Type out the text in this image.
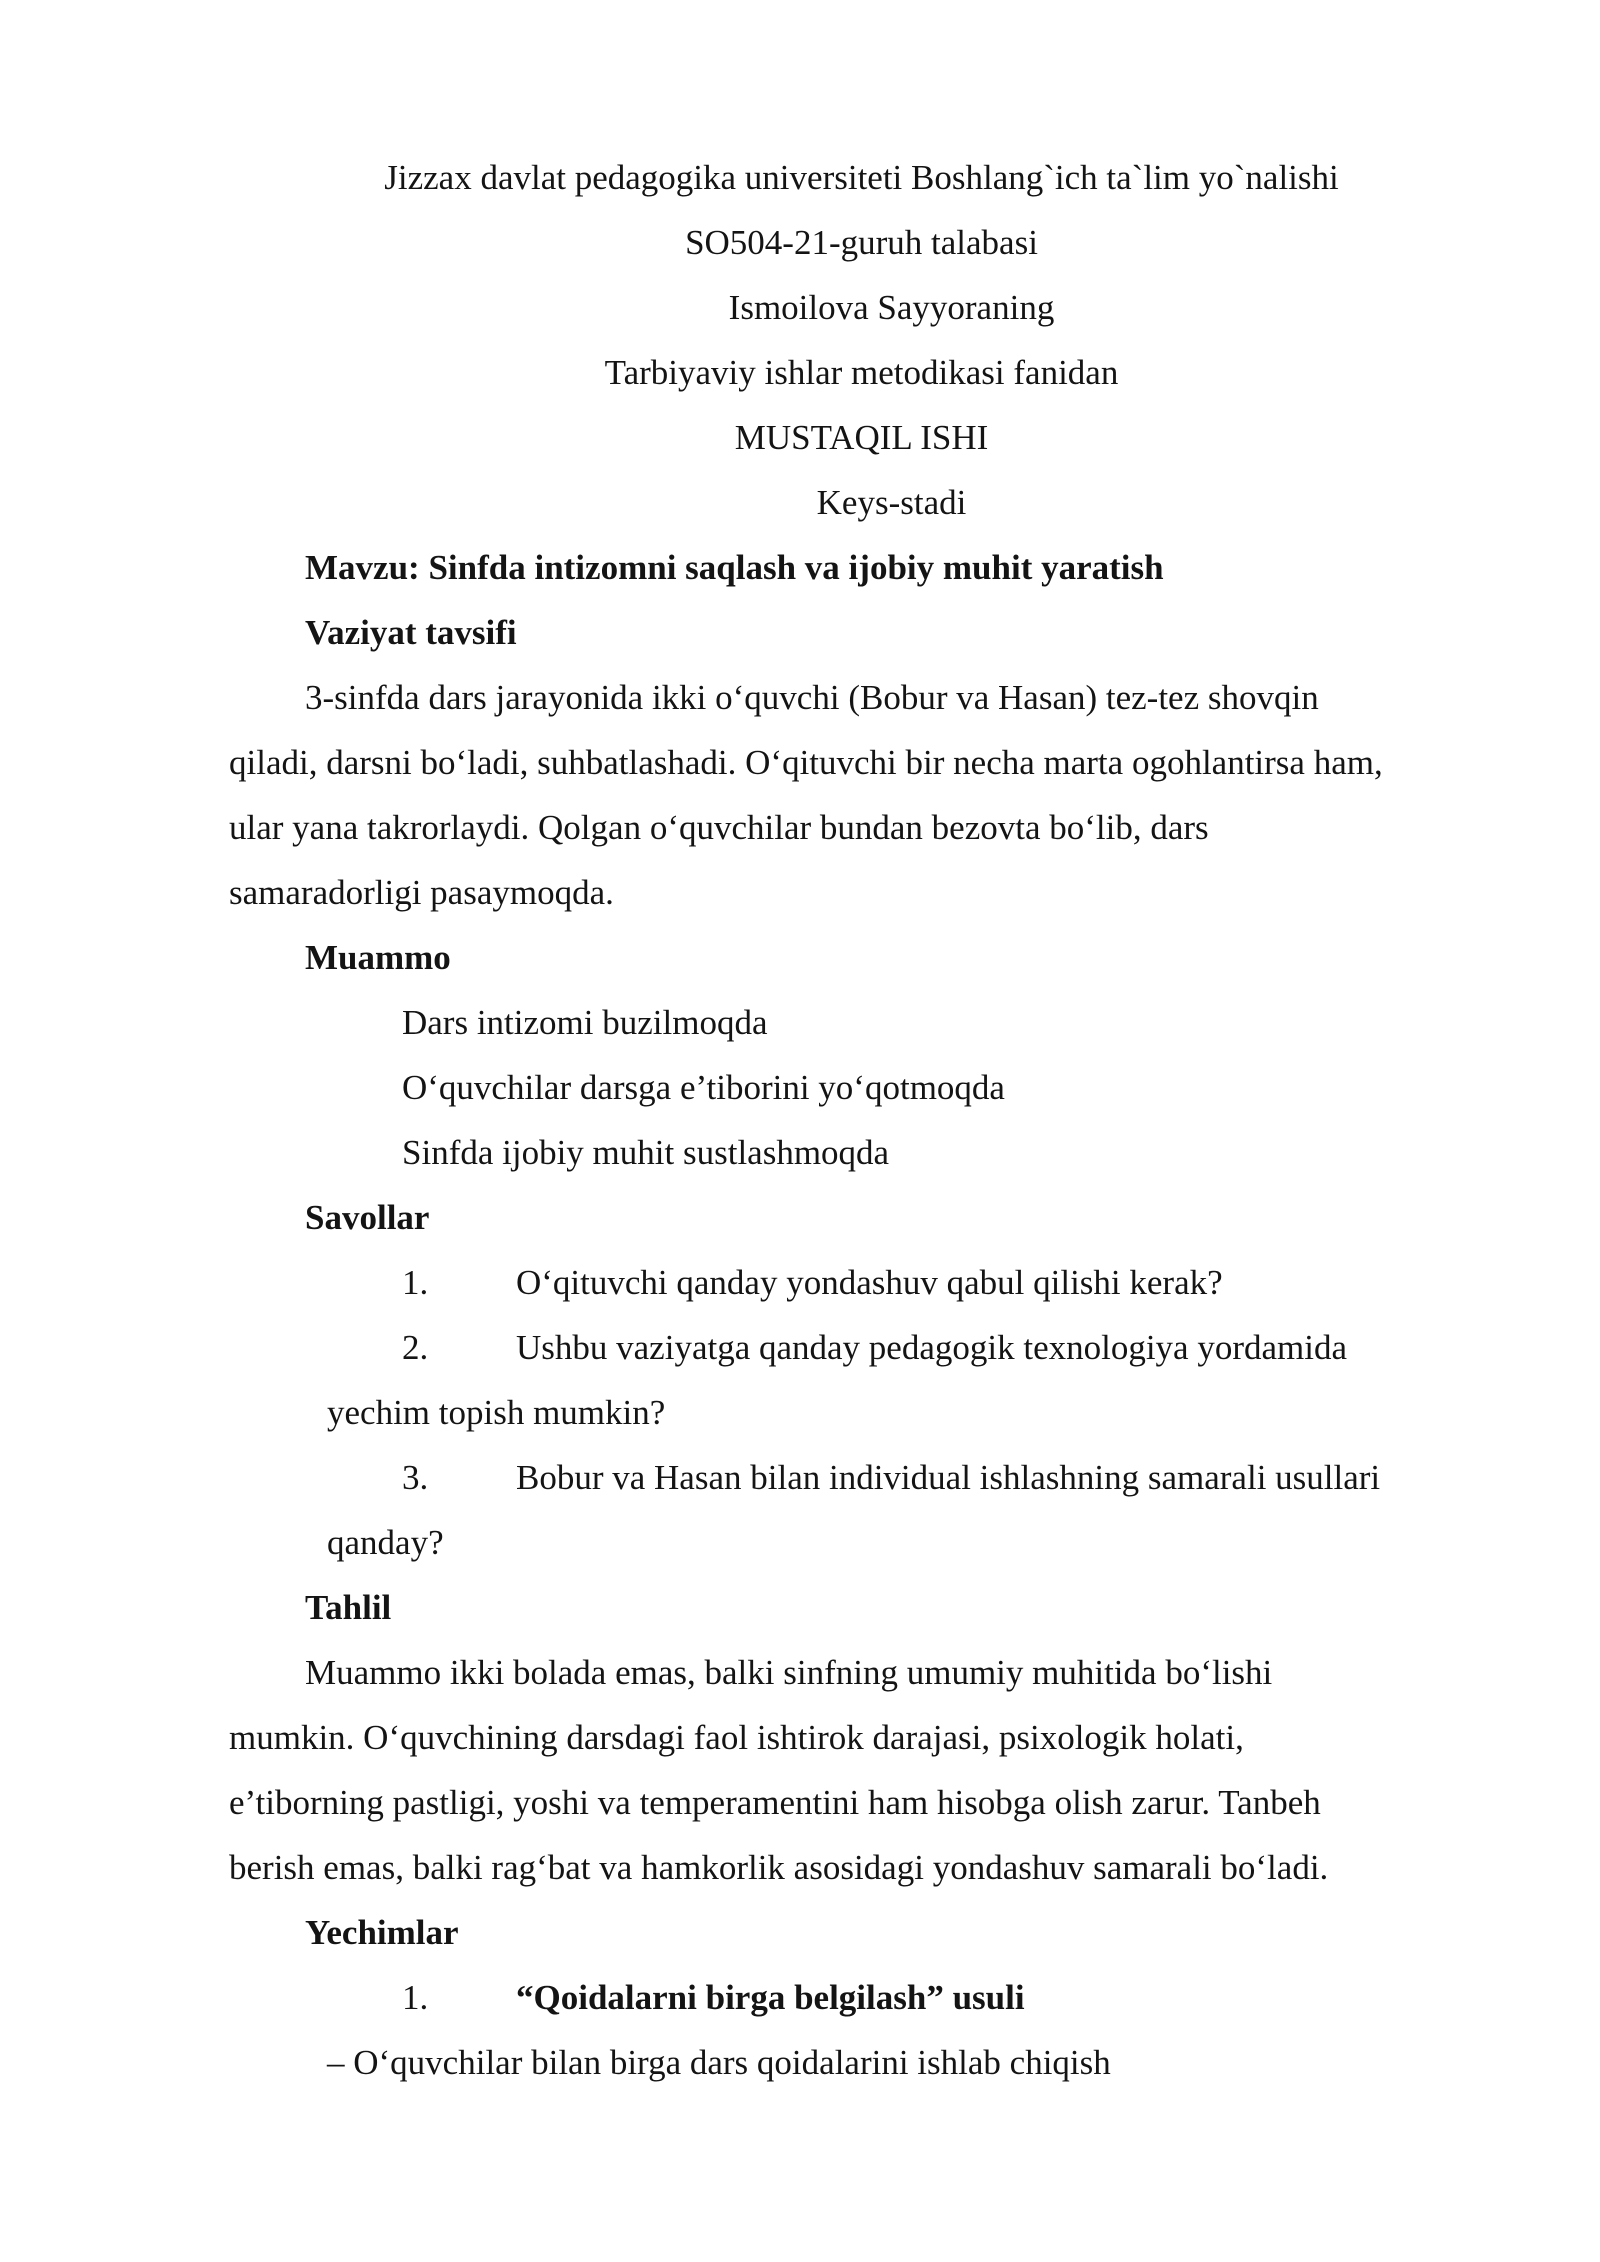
Jizzax davlat pedagogika universiteti Boshlang`ich ta`lim yo`nalishi
SO504-21-guruh talabasi
Ismoilova Sayyoraning
Tarbiyaviy ishlar metodikasi fanidan
MUSTAQIL ISHI
Keys-stadi
Mavzu: Sinfda intizomni saqlash va ijobiy muhit yaratish
Vaziyat tavsifi
3-sinfda dars jarayonida ikki o‘quvchi (Bobur va Hasan) tez-tez shovqin
qiladi, darsni bo‘ladi, suhbatlashadi. O‘qituvchi bir necha marta ogohlantirsa ham,
ular yana takrorlaydi. Qolgan o‘quvchilar bundan bezovta bo‘lib, dars
samaradorligi pasaymoqda.
Muammo
Dars intizomi buzilmoqda
O‘quvchilar darsga e’tiborini yo‘qotmoqda
Sinfda ijobiy muhit sustlashmoqda
Savollar
1.	O‘qituvchi qanday yondashuv qabul qilishi kerak?
2.	Ushbu vaziyatga qanday pedagogik texnologiya yordamida
yechim topish mumkin?
3.	Bobur va Hasan bilan individual ishlashning samarali usullari
qanday?
Tahlil
Muammo ikki bolada emas, balki sinfning umumiy muhitida bo‘lishi
mumkin. O‘quvchining darsdagi faol ishtirok darajasi, psixologik holati,
e’tiborning pastligi, yoshi va temperamentini ham hisobga olish zarur. Tanbeh
berish emas, balki rag‘bat va hamkorlik asosidagi yondashuv samarali bo‘ladi.
Yechimlar
1.	“Qoidalarni birga belgilash” usuli
– O‘quvchilar bilan birga dars qoidalarini ishlab chiqish
